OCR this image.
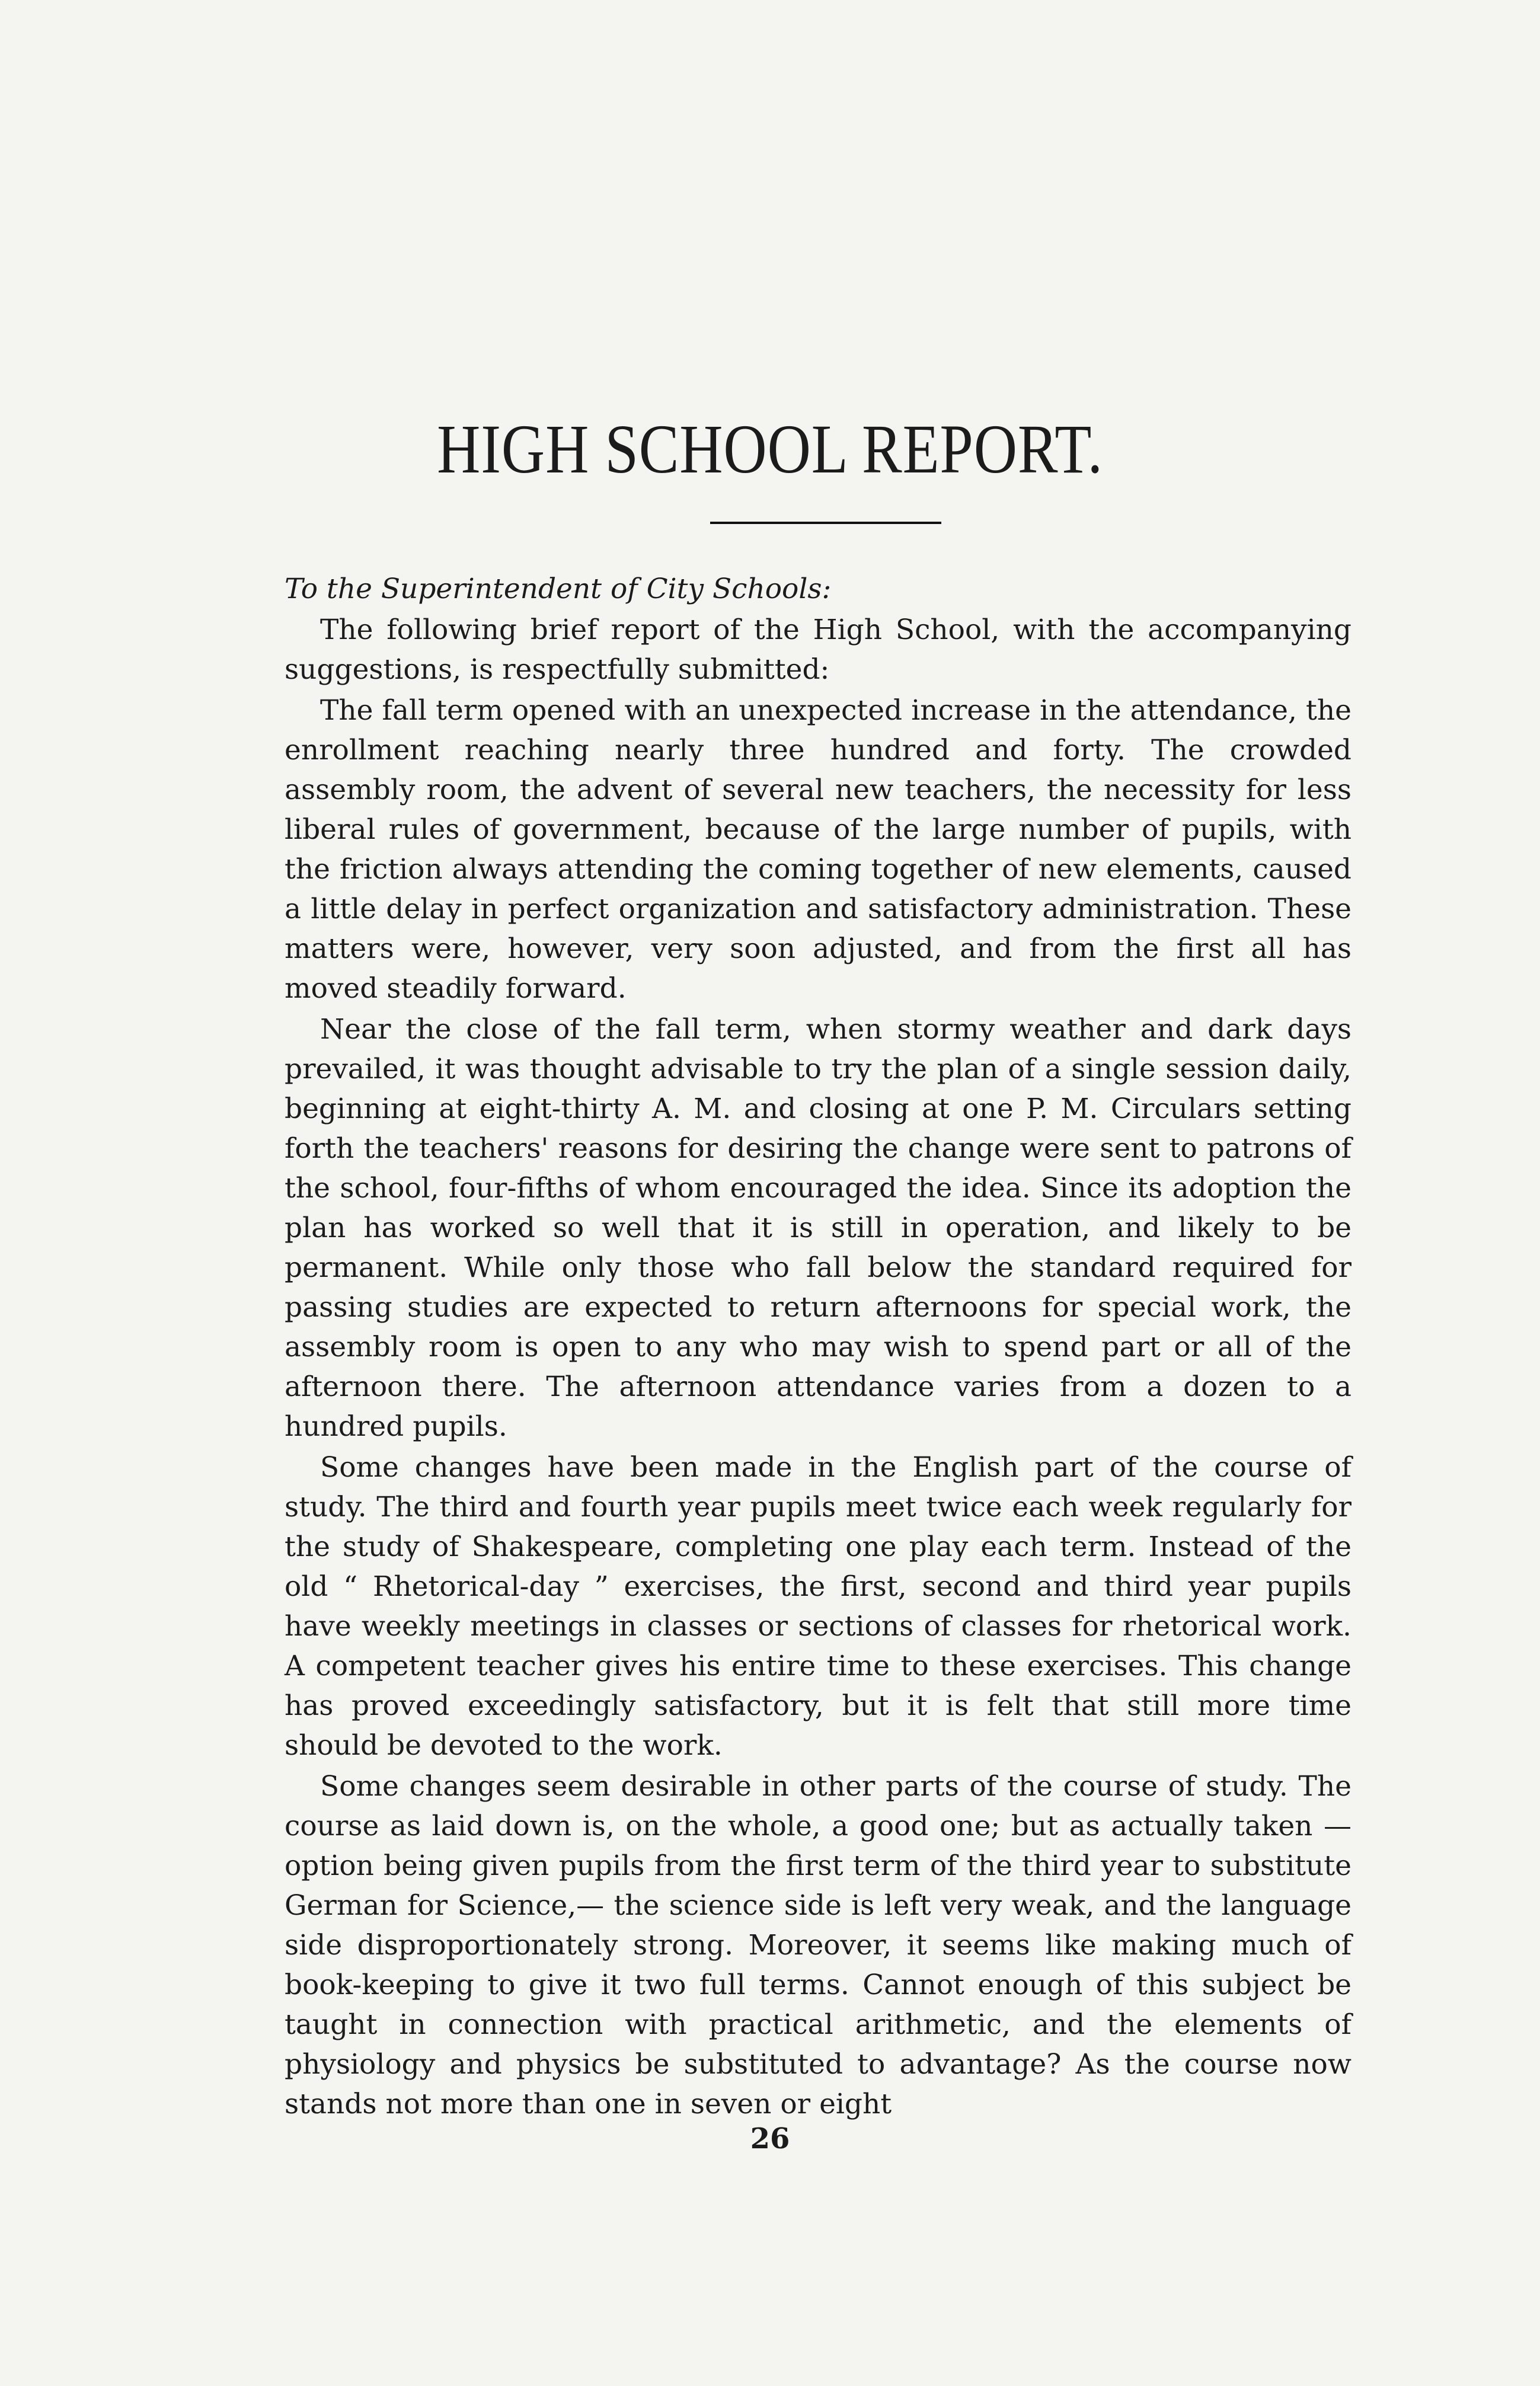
HIGH SCHOOL REPORT.

To the Superintendent of City Schools:

The following brief report of the High School, with the accompanying suggestions, is respectfully submitted:

The fall term opened with an unexpected increase in the attendance, the enrollment reaching nearly three hundred and forty. The crowded assembly room, the advent of several new teachers, the necessity for less liberal rules of government, because of the large number of pupils, with the friction always attending the coming together of new elements, caused a little delay in perfect organization and satisfactory administration. These matters were, however, very soon adjusted, and from the first all has moved steadily forward.

Near the close of the fall term, when stormy weather and dark days prevailed, it was thought advisable to try the plan of a single session daily, beginning at eight-thirty A. M. and closing at one P. M. Circulars setting forth the teachers' reasons for desiring the change were sent to patrons of the school, four-fifths of whom encouraged the idea. Since its adoption the plan has worked so well that it is still in operation, and likely to be permanent. While only those who fall below the standard required for passing studies are expected to return afternoons for special work, the assembly room is open to any who may wish to spend part or all of the afternoon there. The afternoon attendance varies from a dozen to a hundred pupils.

Some changes have been made in the English part of the course of study. The third and fourth year pupils meet twice each week regularly for the study of Shakespeare, completing one play each term. Instead of the old “ Rhetorical-day ” exercises, the first, second and third year pupils have weekly meetings in classes or sections of classes for rhetorical work. A competent teacher gives his entire time to these exercises. This change has proved exceedingly satisfactory, but it is felt that still more time should be devoted to the work.

Some changes seem desirable in other parts of the course of study. The course as laid down is, on the whole, a good one; but as actually taken —option being given pupils from the first term of the third year to substitute German for Science,— the science side is left very weak, and the language side disproportionately strong. Moreover, it seems like making much of book-keeping to give it two full terms. Cannot enough of this subject be taught in connection with practical arithmetic, and the elements of physiology and physics be substituted to advantage? As the course now stands not more than one in seven or eight

26
